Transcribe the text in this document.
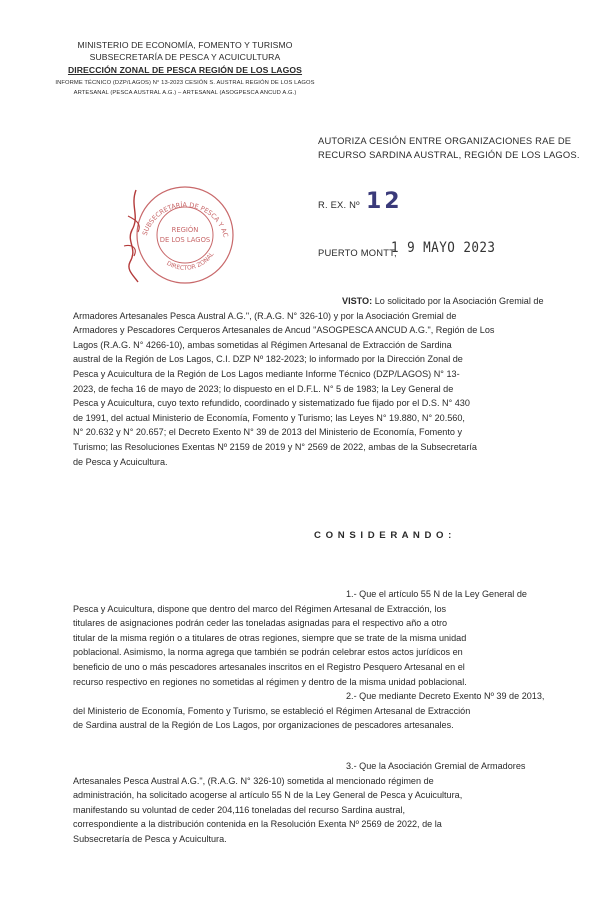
MINISTERIO DE ECONOMÍA, FOMENTO Y TURISMO
SUBSECRETARÍA DE PESCA Y ACUICULTURA
DIRECCIÓN ZONAL DE PESCA REGIÓN DE LOS LAGOS
INFORME TÉCNICO (DZP/LAGOS) N° 13-2023 CESIÓN S. AUSTRAL REGIÓN DE LOS LAGOS
ARTESANAL (PESCA AUSTRAL A.G.) – ARTESANAL (ASOGPESCA ANCUD A.G.)
AUTORIZA CESIÓN ENTRE ORGANIZACIONES RAE DE
RECURSO SARDINA AUSTRAL, REGIÓN DE LOS LAGOS.
R. EX. Nº 12
PUERTO MONTT,
1 9 MAYO 2023
SUBSECRETARÍA DE PESCA Y AC
REGIÓN
DE LOS LAGOS
DIRECTOR ZONAL
VISTO: Lo solicitado por la Asociación Gremial de
Armadores Artesanales Pesca Austral A.G.", (R.A.G. N° 326-10) y por la Asociación Gremial de
Armadores y Pescadores Cerqueros Artesanales de Ancud "ASOGPESCA ANCUD A.G.", Región de Los
Lagos (R.A.G. N° 4266-10), ambas sometidas al Régimen Artesanal de Extracción de Sardina
austral de la Región de Los Lagos, C.I. DZP Nº 182-2023; lo informado por la Dirección Zonal de
Pesca y Acuicultura de la Región de Los Lagos mediante Informe Técnico (DZP/LAGOS) N° 13-
2023, de fecha 16 de mayo de 2023; lo dispuesto en el D.F.L. N° 5 de 1983; la Ley General de
Pesca y Acuicultura, cuyo texto refundido, coordinado y sistematizado fue fijado por el D.S. N° 430
de 1991, del actual Ministerio de Economía, Fomento y Turismo; las Leyes N° 19.880, N° 20.560,
N° 20.632 y N° 20.657; el Decreto Exento N° 39 de 2013 del Ministerio de Economía, Fomento y
Turismo; las Resoluciones Exentas Nº 2159 de 2019 y N° 2569 de 2022, ambas de la Subsecretaría
de Pesca y Acuicultura.
C O N S I D E R A N D O :
1.- Que el artículo 55 N de la Ley General de
Pesca y Acuicultura, dispone que dentro del marco del Régimen Artesanal de Extracción, los
titulares de asignaciones podrán ceder las toneladas asignadas para el respectivo año a otro
titular de la misma región o a titulares de otras regiones, siempre que se trate de la misma unidad
poblacional. Asimismo, la norma agrega que también se podrán celebrar estos actos jurídicos en
beneficio de uno o más pescadores artesanales inscritos en el Registro Pesquero Artesanal en el
recurso respectivo en regiones no sometidas al régimen y dentro de la misma unidad poblacional.
2.- Que mediante Decreto Exento Nº 39 de 2013,
del Ministerio de Economía, Fomento y Turismo, se estableció el Régimen Artesanal de Extracción
de Sardina austral de la Región de Los Lagos, por organizaciones de pescadores artesanales.
3.- Que la Asociación Gremial de Armadores
Artesanales Pesca Austral A.G.", (R.A.G. N° 326-10) sometida al mencionado régimen de
administración, ha solicitado acogerse al artículo 55 N de la Ley General de Pesca y Acuicultura,
manifestando su voluntad de ceder 204,116 toneladas del recurso Sardina austral,
correspondiente a la distribución contenida en la Resolución Exenta Nº 2569 de 2022, de la
Subsecretaría de Pesca y Acuicultura.
